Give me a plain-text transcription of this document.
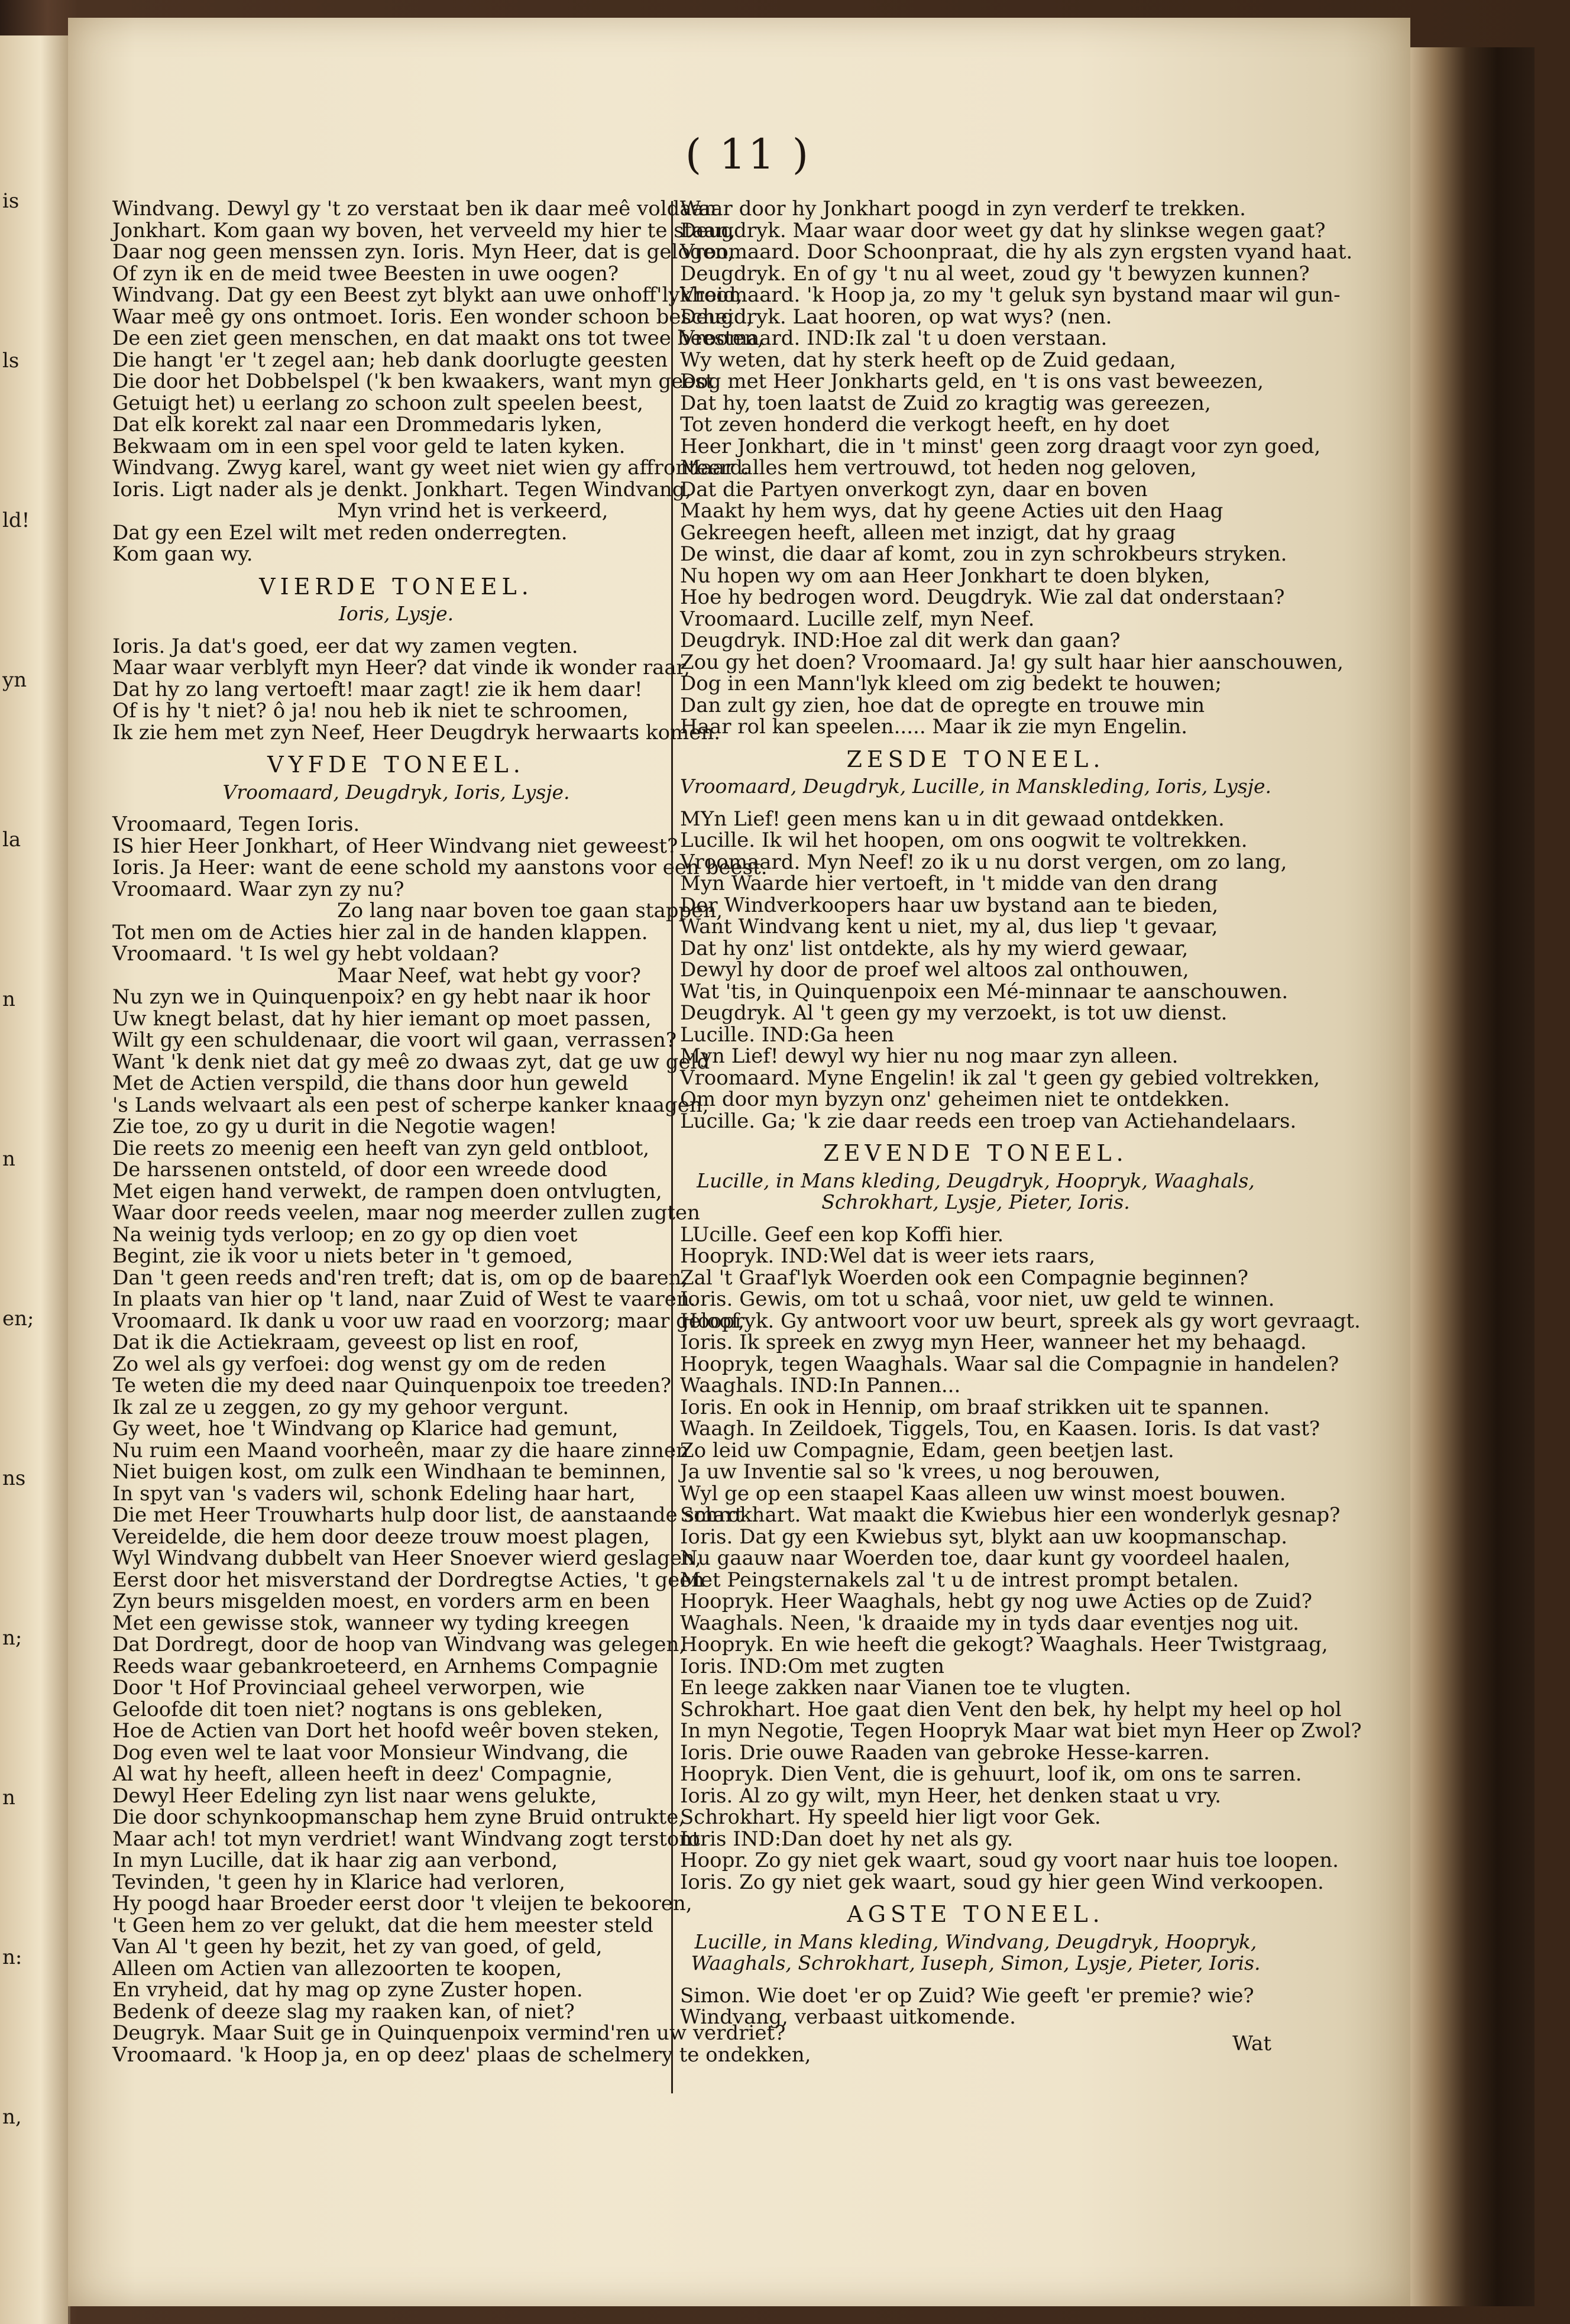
is
ls
ld!
yn
la
n
n
en;
ns
n;
n
n:
n,
( 11 )
Windvang. Dewyl gy 't zo verstaat ben ik daar meê voldaan.
Jonkhart. Kom gaan wy boven, het verveeld my hier te staan,
Daar nog geen menssen zyn. Ioris. Myn Heer, dat is gelogen,
Of zyn ik en de meid twee Beesten in uwe oogen?
Windvang. Dat gy een Beest zyt blykt aan uwe onhoff'lykheid,
Waar meê gy ons ontmoet. Ioris. Een wonder schoon bescheid,
De een ziet geen menschen, en dat maakt ons tot twee beesten,
Die hangt 'er 't zegel aan; heb dank doorlugte geesten
Die door het Dobbelspel ('k ben kwaakers, want myn geest
Getuigt het) u eerlang zo schoon zult speelen beest,
Dat elk korekt zal naar een Drommedaris lyken,
Bekwaam om in een spel voor geld te laten kyken.
Windvang. Zwyg karel, want gy weet niet wien gy affronteerd.
Ioris. Ligt nader als je denkt. Jonkhart. Tegen Windvang,
Myn vrind het is verkeerd,
Dat gy een Ezel wilt met reden onderregten.
Kom gaan wy.
VIERDE TONEEL.
Ioris, Lysje.
Ioris. Ja dat's goed, eer dat wy zamen vegten.
Maar waar verblyft myn Heer? dat vinde ik wonder raar,
Dat hy zo lang vertoeft! maar zagt! zie ik hem daar!
Of is hy 't niet? ô ja! nou heb ik niet te schroomen,
Ik zie hem met zyn Neef, Heer Deugdryk herwaarts komen.
VYFDE TONEEL.
Vroomaard, Deugdryk, Ioris, Lysje.
Vroomaard, Tegen Ioris.
IS hier Heer Jonkhart, of Heer Windvang niet geweest?
Ioris. Ja Heer: want de eene schold my aanstons voor een beest.
Vroomaard. Waar zyn zy nu?
Zo lang naar boven toe gaan stappen,
Tot men om de Acties hier zal in de handen klappen.
Vroomaard. 't Is wel gy hebt voldaan?
Maar Neef, wat hebt gy voor?
Nu zyn we in Quinquenpoix? en gy hebt naar ik hoor
Uw knegt belast, dat hy hier iemant op moet passen,
Wilt gy een schuldenaar, die voort wil gaan, verrassen?
Want 'k denk niet dat gy meê zo dwaas zyt, dat ge uw geld
Met de Actien verspild, die thans door hun geweld
's Lands welvaart als een pest of scherpe kanker knaagen,
Zie toe, zo gy u durit in die Negotie wagen!
Die reets zo meenig een heeft van zyn geld ontbloot,
De harssenen ontsteld, of door een wreede dood
Met eigen hand verwekt, de rampen doen ontvlugten,
Waar door reeds veelen, maar nog meerder zullen zugten
Na weinig tyds verloop; en zo gy op dien voet
Begint, zie ik voor u niets beter in 't gemoed,
Dan 't geen reeds and'ren treft; dat is, om op de baaren,
In plaats van hier op 't land, naar Zuid of West te vaaren.
Vroomaard. Ik dank u voor uw raad en voorzorg; maar geloof,
Dat ik die Actiekraam, geveest op list en roof,
Zo wel als gy verfoei: dog wenst gy om de reden
Te weten die my deed naar Quinquenpoix toe treeden?
Ik zal ze u zeggen, zo gy my gehoor vergunt.
Gy weet, hoe 't Windvang op Klarice had gemunt,
Nu ruim een Maand voorheên, maar zy die haare zinnen
Niet buigen kost, om zulk een Windhaan te beminnen,
In spyt van 's vaders wil, schonk Edeling haar hart,
Die met Heer Trouwharts hulp door list, de aanstaande smart
Vereidelde, die hem door deeze trouw moest plagen,
Wyl Windvang dubbelt van Heer Snoever wierd geslagen,
Eerst door het misverstand der Dordregtse Acties, 't geen
Zyn beurs misgelden moest, en vorders arm en been
Met een gewisse stok, wanneer wy tyding kreegen
Dat Dordregt, door de hoop van Windvang was gelegen,
Reeds waar gebankroeteerd, en Arnhems Compagnie
Door 't Hof Provinciaal geheel verworpen, wie
Geloofde dit toen niet? nogtans is ons gebleken,
Hoe de Actien van Dort het hoofd weêr boven steken,
Dog even wel te laat voor Monsieur Windvang, die
Al wat hy heeft, alleen heeft in deez' Compagnie,
Dewyl Heer Edeling zyn list naar wens gelukte,
Die door schynkoopmanschap hem zyne Bruid ontrukte,
Maar ach! tot myn verdriet! want Windvang zogt terstont
In myn Lucille, dat ik haar zig aan verbond,
Tevinden, 't geen hy in Klarice had verloren,
Hy poogd haar Broeder eerst door 't vleijen te bekooren,
't Geen hem zo ver gelukt, dat die hem meester steld
Van Al 't geen hy bezit, het zy van goed, of geld,
Alleen om Actien van allezoorten te koopen,
En vryheid, dat hy mag op zyne Zuster hopen.
Bedenk of deeze slag my raaken kan, of niet?
Deugryk. Maar Suit ge in Quinquenpoix vermind'ren uw verdriet?
Vroomaard. 'k Hoop ja, en op deez' plaas de schelmery te ondekken,
Waar door hy Jonkhart poogd in zyn verderf te trekken.
Deugdryk. Maar waar door weet gy dat hy slinkse wegen gaat?
Vroomaard. Door Schoonpraat, die hy als zyn ergsten vyand haat.
Deugdryk. En of gy 't nu al weet, zoud gy 't bewyzen kunnen?
Vroomaard. 'k Hoop ja, zo my 't geluk syn bystand maar wil gun-
Deugdryk. Laat hooren, op wat wys? (nen.
Vroomaard. IND:Ik zal 't u doen verstaan.
Wy weten, dat hy sterk heeft op de Zuid gedaan,
Dog met Heer Jonkharts geld, en 't is ons vast beweezen,
Dat hy, toen laatst de Zuid zo kragtig was gereezen,
Tot zeven honderd die verkogt heeft, en hy doet
Heer Jonkhart, die in 't minst' geen zorg draagt voor zyn goed,
Maar alles hem vertrouwd, tot heden nog geloven,
Dat die Partyen onverkogt zyn, daar en boven
Maakt hy hem wys, dat hy geene Acties uit den Haag
Gekreegen heeft, alleen met inzigt, dat hy graag
De winst, die daar af komt, zou in zyn schrokbeurs stryken.
Nu hopen wy om aan Heer Jonkhart te doen blyken,
Hoe hy bedrogen word. Deugdryk. Wie zal dat onderstaan?
Vroomaard. Lucille zelf, myn Neef.
Deugdryk. IND:Hoe zal dit werk dan gaan?
Zou gy het doen? Vroomaard. Ja! gy sult haar hier aanschouwen,
Dog in een Mann'lyk kleed om zig bedekt te houwen;
Dan zult gy zien, hoe dat de opregte en trouwe min
Haar rol kan speelen..... Maar ik zie myn Engelin.
ZESDE TONEEL.
Vroomaard, Deugdryk, Lucille, in Manskleding, Ioris, Lysje.
MYn Lief! geen mens kan u in dit gewaad ontdekken.
Lucille. Ik wil het hoopen, om ons oogwit te voltrekken.
Vroomaard. Myn Neef! zo ik u nu dorst vergen, om zo lang,
Myn Waarde hier vertoeft, in 't midde van den drang
Der Windverkoopers haar uw bystand aan te bieden,
Want Windvang kent u niet, my al, dus liep 't gevaar,
Dat hy onz' list ontdekte, als hy my wierd gewaar,
Dewyl hy door de proef wel altoos zal onthouwen,
Wat 'tis, in Quinquenpoix een Mé-minnaar te aanschouwen.
Deugdryk. Al 't geen gy my verzoekt, is tot uw dienst.
Lucille. IND:Ga heen
Myn Lief! dewyl wy hier nu nog maar zyn alleen.
Vroomaard. Myne Engelin! ik zal 't geen gy gebied voltrekken,
Om door myn byzyn onz' geheimen niet te ontdekken.
Lucille. Ga; 'k zie daar reeds een troep van Actiehandelaars.
ZEVENDE TONEEL.
Lucille, in Mans kleding, Deugdryk, Hoopryk, Waaghals, Schrokhart, Lysje, Pieter, Ioris.
LUcille. Geef een kop Koffi hier.
Hoopryk. IND:Wel dat is weer iets raars,
Zal 't Graaf'lyk Woerden ook een Compagnie beginnen?
Ioris. Gewis, om tot u schaâ, voor niet, uw geld te winnen.
Hoopryk. Gy antwoort voor uw beurt, spreek als gy wort gevraagt.
Ioris. Ik spreek en zwyg myn Heer, wanneer het my behaagd.
Hoopryk, tegen Waaghals. Waar sal die Compagnie in handelen?
Waaghals. IND:In Pannen...
Ioris. En ook in Hennip, om braaf strikken uit te spannen.
Waagh. In Zeildoek, Tiggels, Tou, en Kaasen. Ioris. Is dat vast?
Zo leid uw Compagnie, Edam, geen beetjen last.
Ja uw Inventie sal so 'k vrees, u nog berouwen,
Wyl ge op een staapel Kaas alleen uw winst moest bouwen.
Schrokhart. Wat maakt die Kwiebus hier een wonderlyk gesnap?
Ioris. Dat gy een Kwiebus syt, blykt aan uw koopmanschap.
Nu gaauw naar Woerden toe, daar kunt gy voordeel haalen,
Met Peingsternakels zal 't u de intrest prompt betalen.
Hoopryk. Heer Waaghals, hebt gy nog uwe Acties op de Zuid?
Waaghals. Neen, 'k draaide my in tyds daar eventjes nog uit.
Hoopryk. En wie heeft die gekogt? Waaghals. Heer Twistgraag,
Ioris. IND:Om met zugten
En leege zakken naar Vianen toe te vlugten.
Schrokhart. Hoe gaat dien Vent den bek, hy helpt my heel op hol
In myn Negotie, Tegen Hoopryk Maar wat biet myn Heer op Zwol?
Ioris. Drie ouwe Raaden van gebroke Hesse-karren.
Hoopryk. Dien Vent, die is gehuurt, loof ik, om ons te sarren.
Ioris. Al zo gy wilt, myn Heer, het denken staat u vry.
Schrokhart. Hy speeld hier ligt voor Gek.
Ioris IND:Dan doet hy net als gy.
Hoopr. Zo gy niet gek waart, soud gy voort naar huis toe loopen.
Ioris. Zo gy niet gek waart, soud gy hier geen Wind verkoopen.
AGSTE TONEEL.
Lucille, in Mans kleding, Windvang, Deugdryk, Hoopryk, Waaghals, Schrokhart, Iuseph, Simon, Lysje, Pieter, Ioris.
Simon. Wie doet 'er op Zuid? Wie geeft 'er premie? wie?
Windvang, verbaast uitkomende.
Wat
